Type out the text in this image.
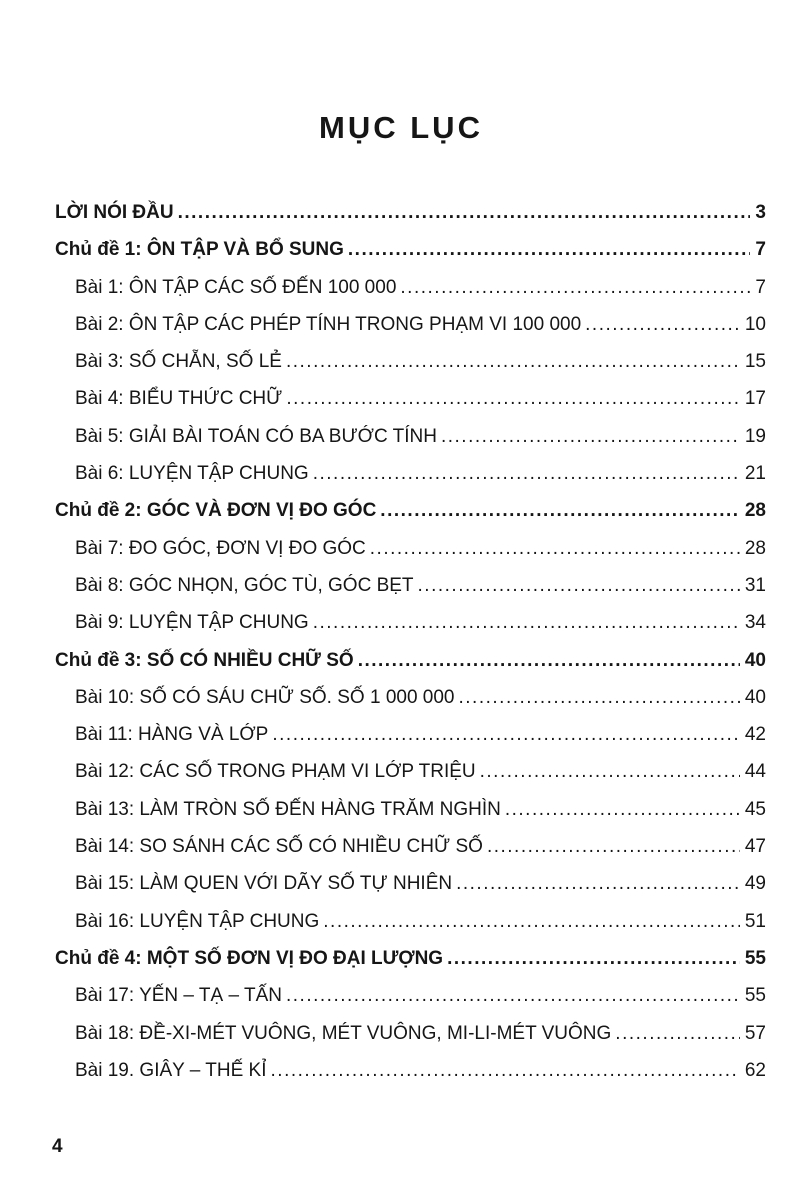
MỤC LỤC
LỜI NÓI ĐẦU .....	3
Chủ đề 1: ÔN TẬP VÀ BỔ SUNG .....	7
Bài 1: ÔN TẬP CÁC SỐ ĐẾN 100 000 .....	7
Bài 2: ÔN TẬP CÁC PHÉP TÍNH TRONG PHẠM VI 100 000 .....	10
Bài 3: SỐ CHẴN, SỐ LẺ .....	15
Bài 4: BIỂU THỨC CHỮ .....	17
Bài 5: GIẢI BÀI TOÁN CÓ BA BƯỚC TÍNH .....	19
Bài 6: LUYỆN TẬP CHUNG .....	21
Chủ đề 2: GÓC VÀ ĐƠN VỊ ĐO GÓC .....	28
Bài 7: ĐO GÓC, ĐƠN VỊ ĐO GÓC .....	28
Bài 8: GÓC NHỌN, GÓC TÙ, GÓC BẸT .....	31
Bài 9: LUYỆN TẬP CHUNG .....	34
Chủ đề 3: SỐ CÓ NHIỀU CHỮ SỐ .....	40
Bài 10: SỐ CÓ SÁU CHỮ SỐ. SỐ 1 000 000 .....	40
Bài 11: HÀNG VÀ LỚP .....	42
Bài 12: CÁC SỐ TRONG PHẠM VI LỚP TRIỆU .....	44
Bài 13: LÀM TRÒN SỐ ĐẾN HÀNG TRĂM NGHÌN .....	45
Bài 14: SO SÁNH CÁC SỐ CÓ NHIỀU CHỮ SỐ .....	47
Bài 15: LÀM QUEN VỚI DÃY SỐ TỰ NHIÊN .....	49
Bài 16: LUYỆN TẬP CHUNG .....	51
Chủ đề 4: MỘT SỐ ĐƠN VỊ ĐO ĐẠI LƯỢNG .....	55
Bài 17: YẾN – TẠ – TẤN .....	55
Bài 18: ĐỀ-XI-MÉT VUÔNG, MÉT VUÔNG, MI-LI-MÉT VUÔNG .....	57
Bài 19. GIÂY – THẾ KỈ .....	62
4
